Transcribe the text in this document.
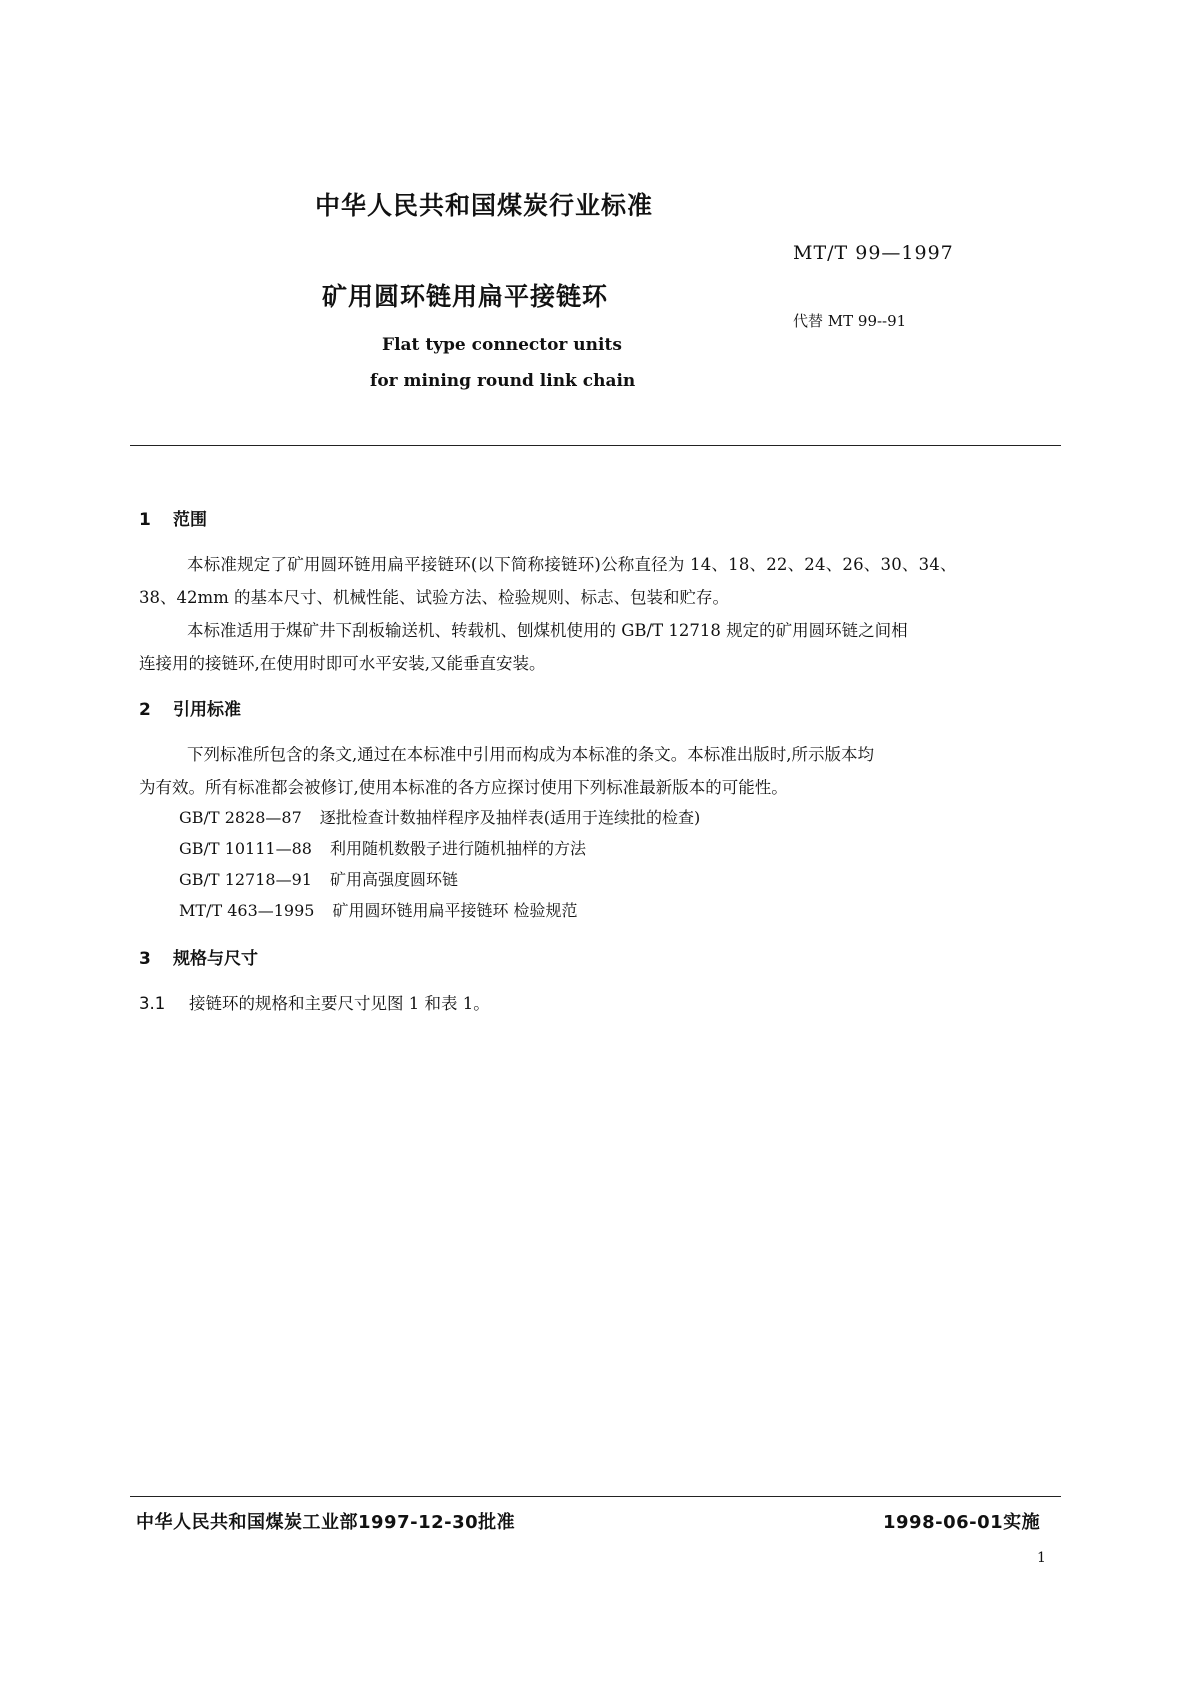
中华人民共和国煤炭行业标准
MT/T 99—1997
矿用圆环链用扁平接链环
代替 MT 99--91
Flat type connector units
for mining round link chain
1 范围
本标准规定了矿用圆环链用扁平接链环(以下简称接链环)公称直径为 14、18、22、24、26、30、34、
38、42mm 的基本尺寸、机械性能、试验方法、检验规则、标志、包装和贮存。
本标准适用于煤矿井下刮板输送机、转载机、刨煤机使用的 GB/T 12718 规定的矿用圆环链之间相
连接用的接链环,在使用时即可水平安装,又能垂直安装。
2 引用标准
下列标准所包含的条文,通过在本标准中引用而构成为本标准的条文。本标准出版时,所示版本均
为有效。所有标准都会被修订,使用本标准的各方应探讨使用下列标准最新版本的可能性。
GB/T 2828—87 逐批检查计数抽样程序及抽样表(适用于连续批的检查)
GB/T 10111—88 利用随机数骰子进行随机抽样的方法
GB/T 12718—91 矿用高强度圆环链
MT/T 463—1995 矿用圆环链用扁平接链环 检验规范
3 规格与尺寸
3.1 接链环的规格和主要尺寸见图 1 和表 1。
中华人民共和国煤炭工业部1997-12-30批准	1998-06-01实施
1
